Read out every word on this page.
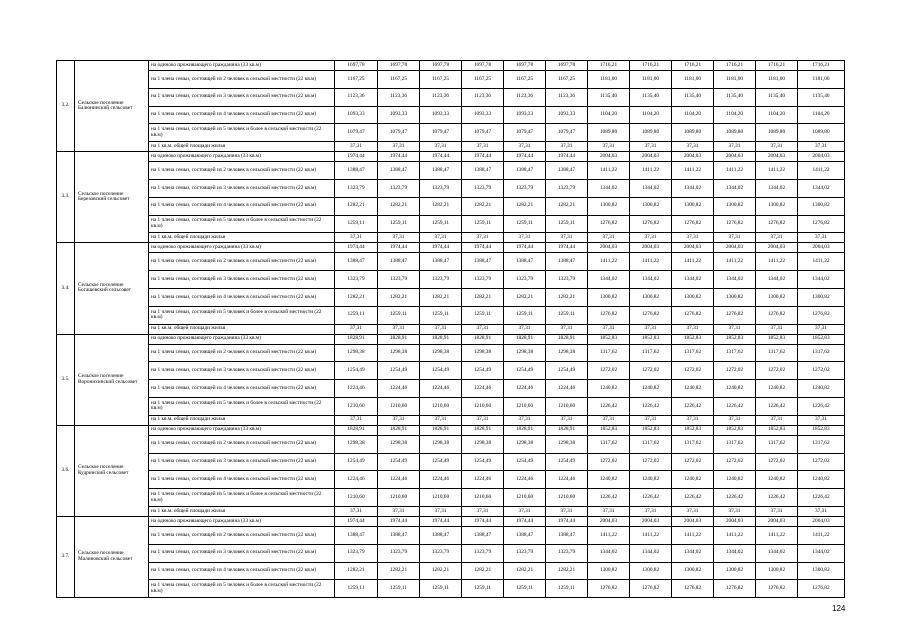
3.2.	Сельское поселение Балюнинский сельсовет	на одиноко проживающего гражданина (33 кв.м)	1697,78	1697,78	1697,78	1697,78	1697,78	1697,78	1716,21	1716,21	1716,21	1716,21	1716,21	1716,21
		на 1 члена семьи, состоящей из 2 человек в сельской местности (22 кв.м)	1167,25	1167,25	1167,25	1167,25	1167,25	1167,25	1181,00	1181,00	1181,00	1181,00	1181,00	1181,00
		на 1 члена семьи, состоящей из 3 человек в сельской местности (22 кв.м)	1123,36	1123,36	1123,36	1123,36	1123,36	1123,36	1135,40	1135,40	1135,40	1135,40	1135,40	1135,40
		на 1 члена семьи, состоящей из 4 человек в сельской местности (22 кв.м)	1093,33	1093,33	1093,33	1093,33	1093,33	1093,33	1104,20	1104,20	1104,20	1104,20	1104,20	1104,20
		на 1 члена семьи, состоящей из 5 человек и более в сельской местности (22 кв.м)	1079,47	1079,47	1079,47	1079,47	1079,47	1079,47	1089,80	1089,80	1089,80	1089,80	1089,80	1089,80
		на 1 кв.м. общей площади жилья	37,31	37,31	37,31	37,31	37,31	37,31	37,31	37,31	37,31	37,31	37,31	37,31
3.3.	Сельское поселение Березовский сельсовет	на одиноко проживающего гражданина (33 кв.м)	1974,44	1974,44	1974,44	1974,44	1974,44	1974,44	2004,03	2004,03	2004,03	2004,03	2004,03	2004,03
		на 1 члена семьи, состоящей из 2 человек в сельской местности (22 кв.м)	1388,47	1388,47	1388,47	1388,47	1388,47	1388,47	1411,22	1411,22	1411,22	1411,22	1411,22	1411,22
		на 1 члена семьи, состоящей из 3 человек в сельской местности (22 кв.м)	1323,79	1323,79	1323,79	1323,79	1323,79	1323,79	1344,02	1344,02	1344,02	1344,02	1344,02	1344,02
		на 1 члена семьи, состоящей из 4 человек в сельской местности (22 кв.м)	1282,21	1282,21	1282,21	1282,21	1282,21	1282,21	1300,82	1300,82	1300,82	1300,82	1300,82	1300,82
		на 1 члена семьи, состоящей из 5 человек и более в сельской местности (22 кв.м)	1259,11	1259,11	1259,11	1259,11	1259,11	1259,11	1276,82	1276,82	1276,82	1276,82	1276,82	1276,82
		на 1 кв.м. общей площади жилья	37,31	37,31	37,31	37,31	37,31	37,31	37,31	37,31	37,31	37,31	37,31	37,31
3.4.	Сельское поселение Богашевский сельсовет	на одиноко проживающего гражданина (33 кв.м)	1974,44	1974,44	1974,44	1974,44	1974,44	1974,44	2004,03	2004,03	2004,03	2004,03	2004,03	2004,03
		на 1 члена семьи, состоящей из 2 человек в сельской местности (22 кв.м)	1388,47	1388,47	1388,47	1388,47	1388,47	1388,47	1411,22	1411,22	1411,22	1411,22	1411,22	1411,22
		на 1 члена семьи, состоящей из 3 человек в сельской местности (22 кв.м)	1323,79	1323,79	1323,79	1323,79	1323,79	1323,79	1344,02	1344,02	1344,02	1344,02	1344,02	1344,02
		на 1 члена семьи, состоящей из 4 человек в сельской местности (22 кв.м)	1282,21	1282,21	1282,21	1282,21	1282,21	1282,21	1300,82	1300,82	1300,82	1300,82	1300,82	1300,82
		на 1 члена семьи, состоящей из 5 человек и более в сельской местности (22 кв.м)	1259,11	1259,11	1259,11	1259,11	1259,11	1259,11	1276,82	1276,82	1276,82	1276,82	1276,82	1276,82
		на 1 кв.м. общей площади жилья	37,31	37,31	37,31	37,31	37,31	37,31	37,31	37,31	37,31	37,31	37,31	37,31
3.5.	Сельское поселение Воронихинский сельсовет	на одиноко проживающего гражданина (33 кв.м)	1828,91	1828,91	1828,91	1828,91	1828,91	1828,91	1852,83	1852,83	1852,83	1852,83	1852,83	1852,83
		на 1 члена семьи, состоящей из 2 человек в сельской местности (22 кв.м)	1298,38	1298,38	1298,38	1298,38	1298,38	1298,38	1317,62	1317,62	1317,62	1317,62	1317,62	1317,62
		на 1 члена семьи, состоящей из 3 человек в сельской местности (22 кв.м)	1254,49	1254,49	1254,49	1254,49	1254,49	1254,49	1272,02	1272,02	1272,02	1272,02	1272,02	1272,02
		на 1 члена семьи, состоящей из 4 человек в сельской местности (22 кв.м)	1224,46	1224,46	1224,46	1224,46	1224,46	1224,46	1240,82	1240,82	1240,82	1240,82	1240,82	1240,82
		на 1 члена семьи, состоящей из 5 человек и более в сельской местности (22 кв.м)	1210,60	1210,60	1210,60	1210,60	1210,60	1210,60	1226,42	1226,42	1226,42	1226,42	1226,42	1226,42
		на 1 кв.м. общей площади жилья	37,31	37,31	37,31	37,31	37,31	37,31	37,31	37,31	37,31	37,31	37,31	37,31
3.6.	Сельское поселение Кудринский сельсовет	на одиноко проживающего гражданина (33 кв.м)	1828,91	1828,91	1828,91	1828,91	1828,91	1828,91	1852,83	1852,83	1852,83	1852,83	1852,83	1852,83
		на 1 члена семьи, состоящей из 2 человек в сельской местности (22 кв.м)	1298,38	1298,38	1298,38	1298,38	1298,38	1298,38	1317,62	1317,62	1317,62	1317,62	1317,62	1317,62
		на 1 члена семьи, состоящей из 3 человек в сельской местности (22 кв.м)	1254,49	1254,49	1254,49	1254,49	1254,49	1254,49	1272,02	1272,02	1272,02	1272,02	1272,02	1272,02
		на 1 члена семьи, состоящей из 4 человек в сельской местности (22 кв.м)	1224,46	1224,46	1224,46	1224,46	1224,46	1224,46	1240,82	1240,82	1240,82	1240,82	1240,82	1240,82
		на 1 члена семьи, состоящей из 5 человек и более в сельской местности (22 кв.м)	1210,60	1210,60	1210,60	1210,60	1210,60	1210,60	1226,42	1226,42	1226,42	1226,42	1226,42	1226,42
		на 1 кв.м. общей площади жилья	37,31	37,31	37,31	37,31	37,31	37,31	37,31	37,31	37,31	37,31	37,31	37,31
3.7.	Сельское поселение Малиновский сельсовет	на одиноко проживающего гражданина (33 кв.м)	1974,44	1974,44	1974,44	1974,44	1974,44	1974,44	2004,03	2004,03	2004,03	2004,03	2004,03	2004,03
		на 1 члена семьи, состоящей из 2 человек в сельской местности (22 кв.м)	1388,47	1388,47	1388,47	1388,47	1388,47	1388,47	1411,22	1411,22	1411,22	1411,22	1411,22	1411,22
		на 1 члена семьи, состоящей из 3 человек в сельской местности (22 кв.м)	1323,79	1323,79	1323,79	1323,79	1323,79	1323,79	1344,02	1344,02	1344,02	1344,02	1344,02	1344,02
		на 1 члена семьи, состоящей из 4 человек в сельской местности (22 кв.м)	1282,21	1282,21	1282,21	1282,21	1282,21	1282,21	1300,82	1300,82	1300,82	1300,82	1300,82	1300,82
		на 1 члена семьи, состоящей из 5 человек и более в сельской местности (22 кв.м)	1259,11	1259,11	1259,11	1259,11	1259,11	1259,11	1276,82	1276,82	1276,82	1276,82	1276,82	1276,82
124
